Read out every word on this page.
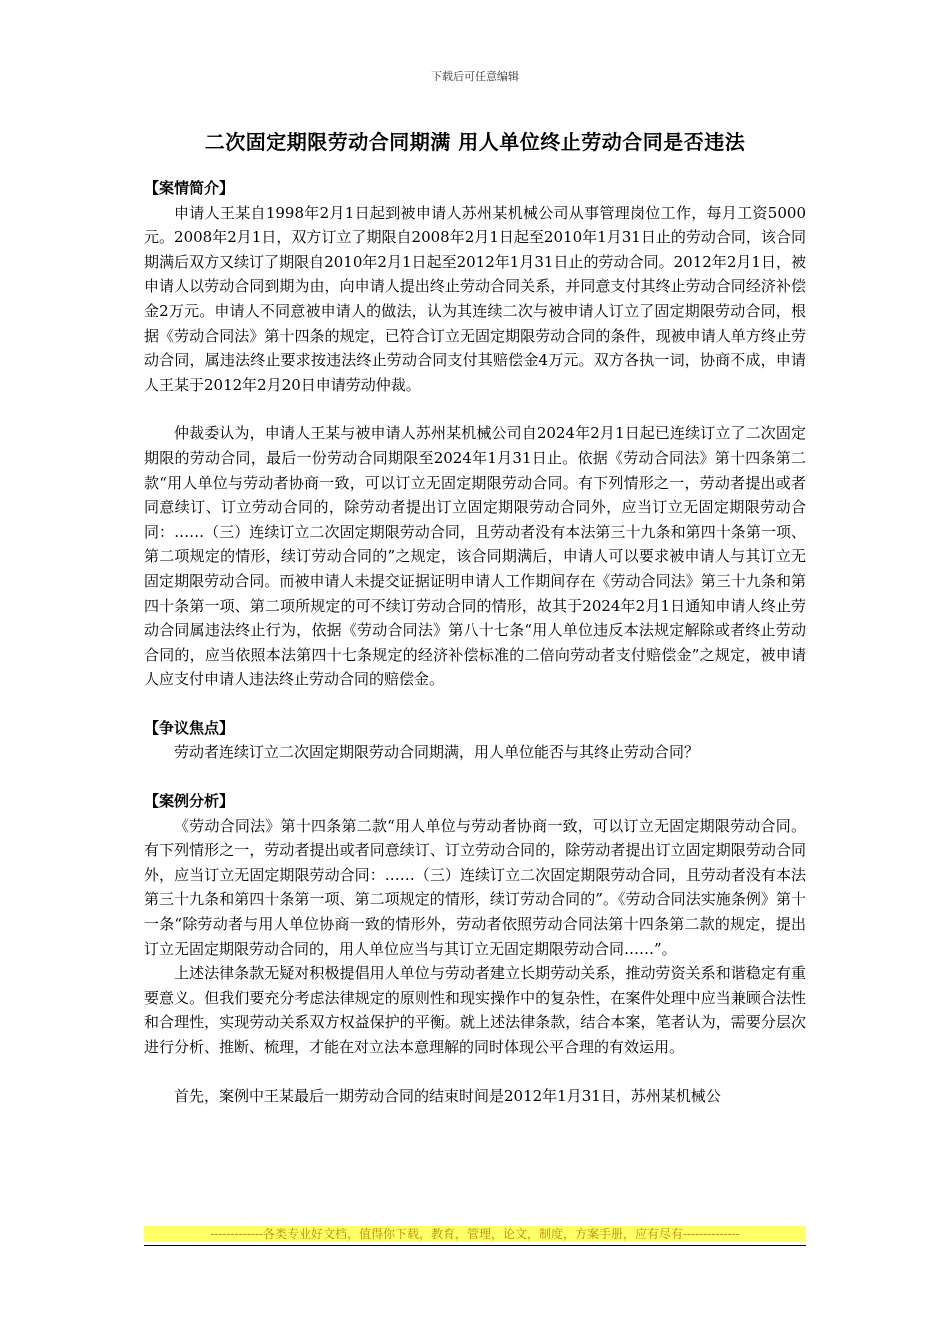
下载后可任意编辑
二次固定期限劳动合同期满 用人单位终止劳动合同是否违法

【案情简介】

申请人王某自1998年2月1日起到被申请人苏州某机械公司从事管理岗位工作，每月工资5000元。2008年2月1日，双方订立了期限自2008年2月1日起至2010年1月31日止的劳动合同，该合同期满后双方又续订了期限自2010年2月1日起至2012年1月31日止的劳动合同。2012年2月1日，被申请人以劳动合同到期为由，向申请人提出终止劳动合同关系，并同意支付其终止劳动合同经济补偿金2万元。申请人不同意被申请人的做法，认为其连续二次与被申请人订立了固定期限劳动合同，根据《劳动合同法》第十四条的规定，已符合订立无固定期限劳动合同的条件，现被申请人单方终止劳动合同，属违法终止要求按违法终止劳动合同支付其赔偿金4万元。双方各执一词，协商不成，申请人王某于2012年2月20日申请劳动仲裁。

仲裁委认为，申请人王某与被申请人苏州某机械公司自2024年2月1日起已连续订立了二次固定期限的劳动合同，最后一份劳动合同期限至2024年1月31日止。依据《劳动合同法》第十四条第二款“用人单位与劳动者协商一致，可以订立无固定期限劳动合同。有下列情形之一，劳动者提出或者同意续订、订立劳动合同的，除劳动者提出订立固定期限劳动合同外，应当订立无固定期限劳动合同：……（三）连续订立二次固定期限劳动合同，且劳动者没有本法第三十九条和第四十条第一项、第二项规定的情形，续订劳动合同的”之规定，该合同期满后，申请人可以要求被申请人与其订立无固定期限劳动合同。而被申请人未提交证据证明申请人工作期间存在《劳动合同法》第三十九条和第四十条第一项、第二项所规定的可不续订劳动合同的情形，故其于2024年2月1日通知申请人终止劳动合同属违法终止行为，依据《劳动合同法》第八十七条“用人单位违反本法规定解除或者终止劳动合同的，应当依照本法第四十七条规定的经济补偿标准的二倍向劳动者支付赔偿金”之规定，被申请人应支付申请人违法终止劳动合同的赔偿金。

【争议焦点】

劳动者连续订立二次固定期限劳动合同期满，用人单位能否与其终止劳动合同？

【案例分析】

《劳动合同法》第十四条第二款“用人单位与劳动者协商一致，可以订立无固定期限劳动合同。有下列情形之一，劳动者提出或者同意续订、订立劳动合同的，除劳动者提出订立固定期限劳动合同外，应当订立无固定期限劳动合同：……（三）连续订立二次固定期限劳动合同，且劳动者没有本法第三十九条和第四十条第一项、第二项规定的情形，续订劳动合同的”。《劳动合同法实施条例》第十一条“除劳动者与用人单位协商一致的情形外，劳动者依照劳动合同法第十四条第二款的规定，提出订立无固定期限劳动合同的，用人单位应当与其订立无固定期限劳动合同……”。

上述法律条款无疑对积极提倡用人单位与劳动者建立长期劳动关系，推动劳资关系和谐稳定有重要意义。但我们要充分考虑法律规定的原则性和现实操作中的复杂性，在案件处理中应当兼顾合法性和合理性，实现劳动关系双方权益保护的平衡。就上述法律条款，结合本案，笔者认为，需要分层次进行分析、推断、梳理，才能在对立法本意理解的同时体现公平合理的有效运用。

首先，案例中王某最后一期劳动合同的结束时间是2012年1月31日，苏州某机械公

-------------各类专业好文档，值得你下载，教育，管理，论文，制度，方案手册，应有尽有--------------
